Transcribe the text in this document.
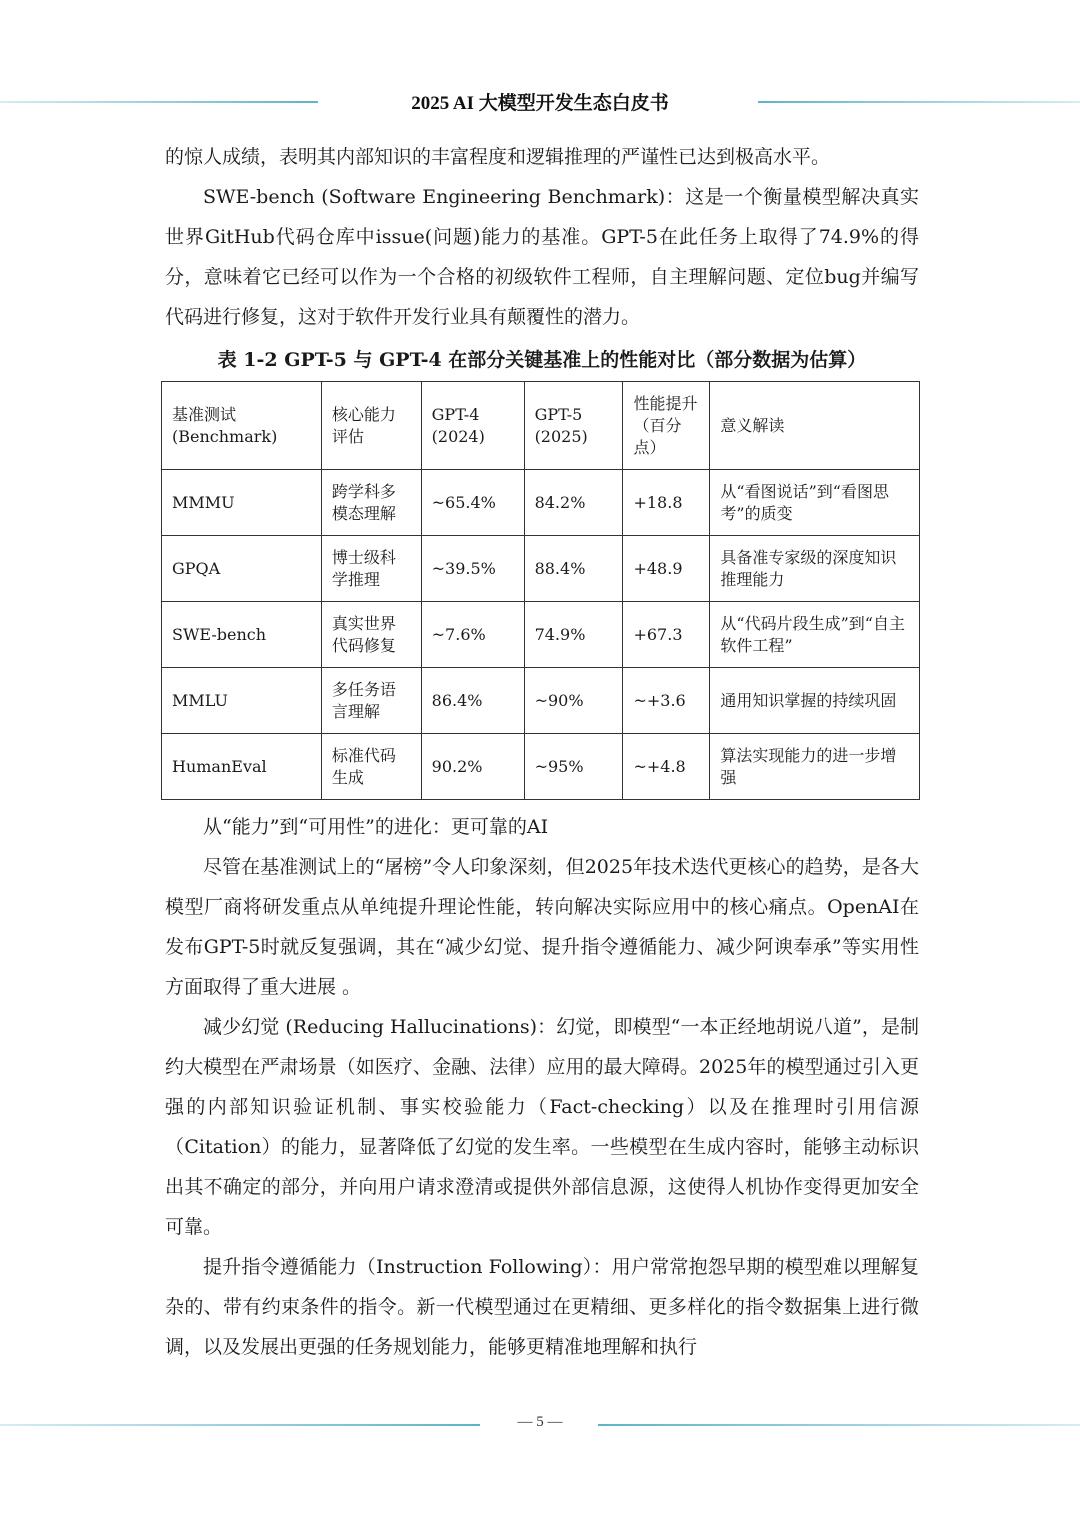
2025 AI 大模型开发生态白皮书

的惊人成绩，表明其内部知识的丰富程度和逻辑推理的严谨性已达到极高水平。

SWE-bench (Software Engineering Benchmark)：这是一个衡量模型解决真实世界GitHub代码仓库中issue(问题)能力的基准。GPT-5在此任务上取得了74.9%的得分，意味着它已经可以作为一个合格的初级软件工程师，自主理解问题、定位bug并编写代码进行修复，这对于软件开发行业具有颠覆性的潜力。

表 1-2 GPT-5 与 GPT-4 在部分关键基准上的性能对比（部分数据为估算）
基准测试 (Benchmark)	核心能力评估	GPT-4 (2024)	GPT-5 (2025)	性能提升（百分点）	意义解读
MMMU	跨学科多模态理解	~65.4%	84.2%	+18.8	从“看图说话”到“看图思考”的质变
GPQA	博士级科学推理	~39.5%	88.4%	+48.9	具备准专家级的深度知识推理能力
SWE-bench	真实世界代码修复	~7.6%	74.9%	+67.3	从“代码片段生成”到“自主软件工程”
MMLU	多任务语言理解	86.4%	~90%	~+3.6	通用知识掌握的持续巩固
HumanEval	标准代码生成	90.2%	~95%	~+4.8	算法实现能力的进一步增强

从“能力”到“可用性”的进化：更可靠的AI

尽管在基准测试上的“屠榜”令人印象深刻，但2025年技术迭代更核心的趋势，是各大模型厂商将研发重点从单纯提升理论性能，转向解决实际应用中的核心痛点。OpenAI在发布GPT-5时就反复强调，其在“减少幻觉、提升指令遵循能力、减少阿谀奉承”等实用性方面取得了重大进展 。

减少幻觉 (Reducing Hallucinations)：幻觉，即模型“一本正经地胡说八道”，是制约大模型在严肃场景（如医疗、金融、法律）应用的最大障碍。2025年的模型通过引入更强的内部知识验证机制、事实校验能力（Fact-checking）以及在推理时引用信源（Citation）的能力，显著降低了幻觉的发生率。一些模型在生成内容时，能够主动标识出其不确定的部分，并向用户请求澄清或提供外部信息源，这使得人机协作变得更加安全可靠。

提升指令遵循能力（Instruction Following）：用户常常抱怨早期的模型难以理解复杂的、带有约束条件的指令。新一代模型通过在更精细、更多样化的指令数据集上进行微调，以及发展出更强的任务规划能力，能够更精准地理解和执行

— 5 —
